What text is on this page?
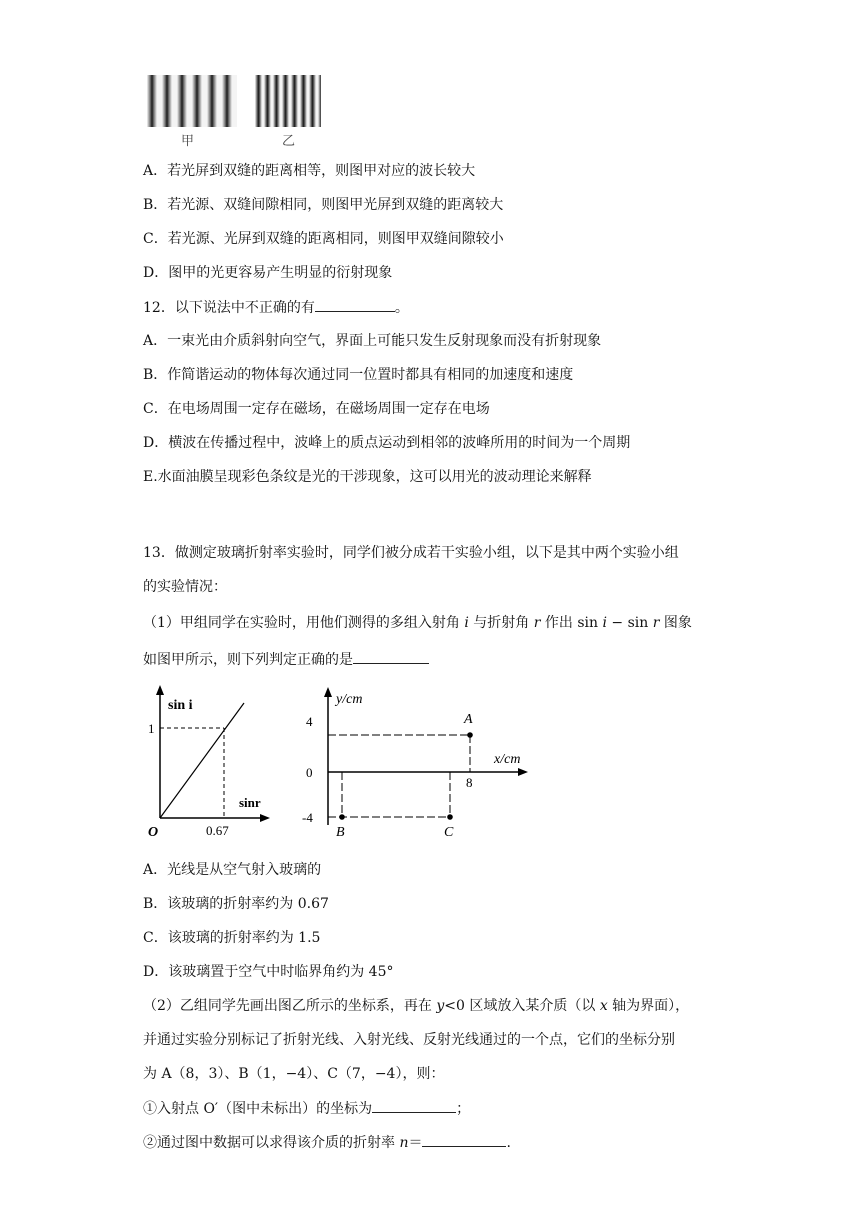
甲	乙
A．若光屏到双缝的距离相等，则图甲对应的波长较大
B．若光源、双缝间隙相同，则图甲光屏到双缝的距离较大
C．若光源、光屏到双缝的距离相同，则图甲双缝间隙较小
D．图甲的光更容易产生明显的衍射现象
12．以下说法中不正确的有	。
A．一束光由介质斜射向空气，界面上可能只发生反射现象而没有折射现象
B．作简谐运动的物体每次通过同一位置时都具有相同的加速度和速度
C．在电场周围一定存在磁场，在磁场周围一定存在电场
D．横波在传播过程中，波峰上的质点运动到相邻的波峰所用的时间为一个周期
E.水面油膜呈现彩色条纹是光的干涉现象，这可以用光的波动理论来解释
13．做测定玻璃折射率实验时，同学们被分成若干实验小组，以下是其中两个实验小组
的实验情况：
（1）甲组同学在实验时，用他们测得的多组入射角 i 与折射角 r 作出 sin i − sin r 图象
如图甲所示，则下列判定正确的是
sin i
sinr
1
0.67
O
y/cm
x/cm
4
0
-4
8
A
B	C
A．光线是从空气射入玻璃的
B．该玻璃的折射率约为 0.67
C．该玻璃的折射率约为 1.5
D．该玻璃置于空气中时临界角约为 45°
（2）乙组同学先画出图乙所示的坐标系，再在 y<0 区域放入某介质（以 x 轴为界面），
并通过实验分别标记了折射光线、入射光线、反射光线通过的一个点，它们的坐标分别
为 A（8，3）、B（1，−4）、C（7，−4），则：
①入射点 O′（图中未标出）的坐标为	；
②通过图中数据可以求得该介质的折射率 n＝	.
